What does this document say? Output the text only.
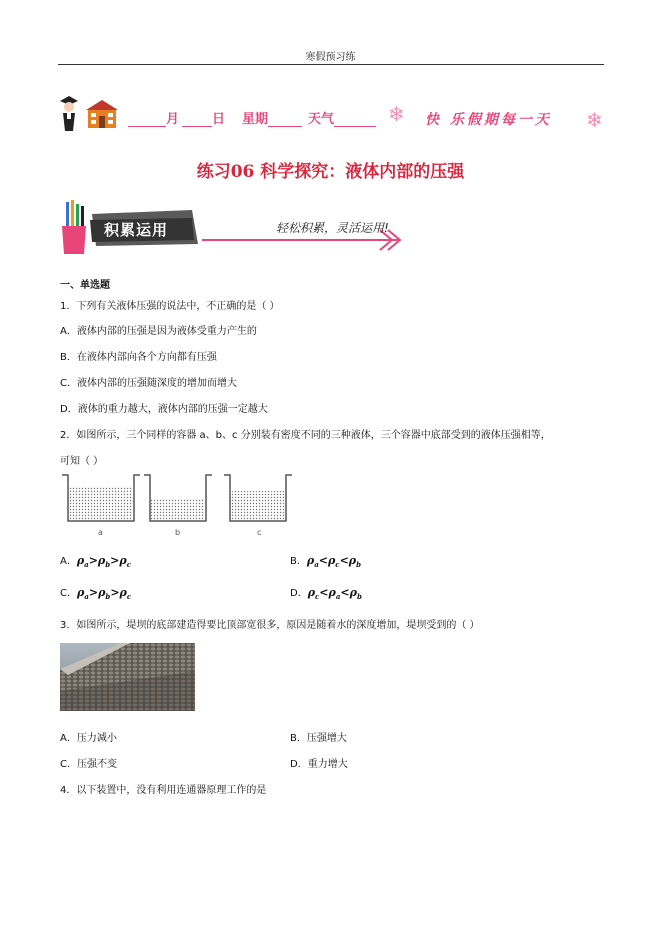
寒假预习练
月	日 星期	天气	❄ 快 乐假期每一天 ❄
练习06 科学探究：液体内部的压强
积累运用	轻松积累，灵活运用!
一、单选题
1．下列有关液体压强的说法中，不正确的是（ ）
A．液体内部的压强是因为液体受重力产生的
B．在液体内部向各个方向都有压强
C．液体内部的压强随深度的增加而增大
D．液体的重力越大，液体内部的压强一定越大
2．如图所示，三个同样的容器 a、b、c 分别装有密度不同的三种液体，三个容器中底部受到的液体压强相等，
可知（ ）
a	b	c
A．$\rho_a>\rho_b>\rho_c$	B．$\rho_a<\rho_c<\rho_b$
C．$\rho_a>\rho_b>\rho_c$	D．$\rho_c<\rho_a<\rho_b$
3．如图所示，堤坝的底部建造得要比顶部宽很多，原因是随着水的深度增加，堤坝受到的（ ）
A．压力减小	B．压强增大
C．压强不变	D．重力增大
4．以下装置中，没有利用连通器原理工作的是
